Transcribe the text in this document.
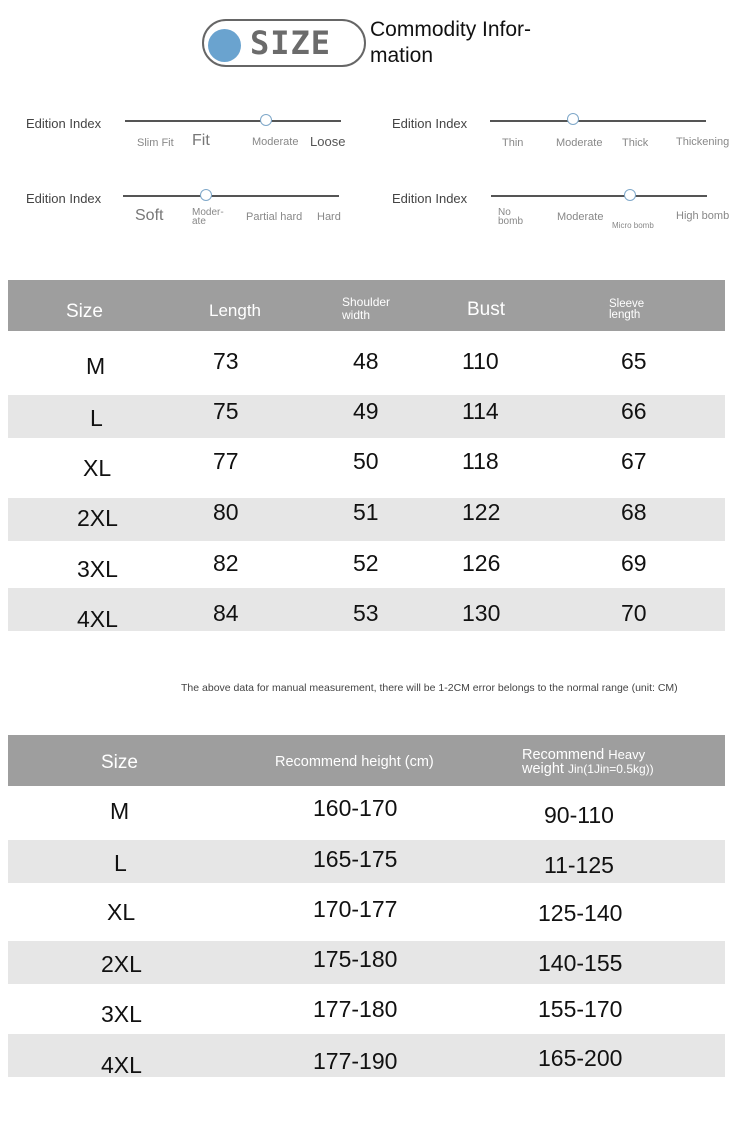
SIZE Commodity Infor-
mation
Edition Index
Slim Fit Fit	Moderate Loose
Edition Index
Thin	Moderate Thick	Thickening
Edition Index
Soft	Moder-
ate	Partial hard Hard
Edition Index
No
bomb	Moderate
Micro bomb
High bomb
Size	Length	Shoulder
width	Bust	Sleeve
length
M	73	48	110	65
L	75	49	114	66
XL	77	50	118	67
2XL	80	51	122	68
3XL	82	52	126	69
4XL	84	53	130	70
The above data for manual measurement, there will be 1-2CM error belongs to the normal range (unit: CM)
Size	Recommend height (cm)	Recommend Heavy
weight Jin(1Jin=0.5kg))
M	160-170	90-110
L	165-175	11-125
XL	170-177	125-140
2XL	175-180	140-155
3XL	177-180	155-170
4XL	177-190	165-200
